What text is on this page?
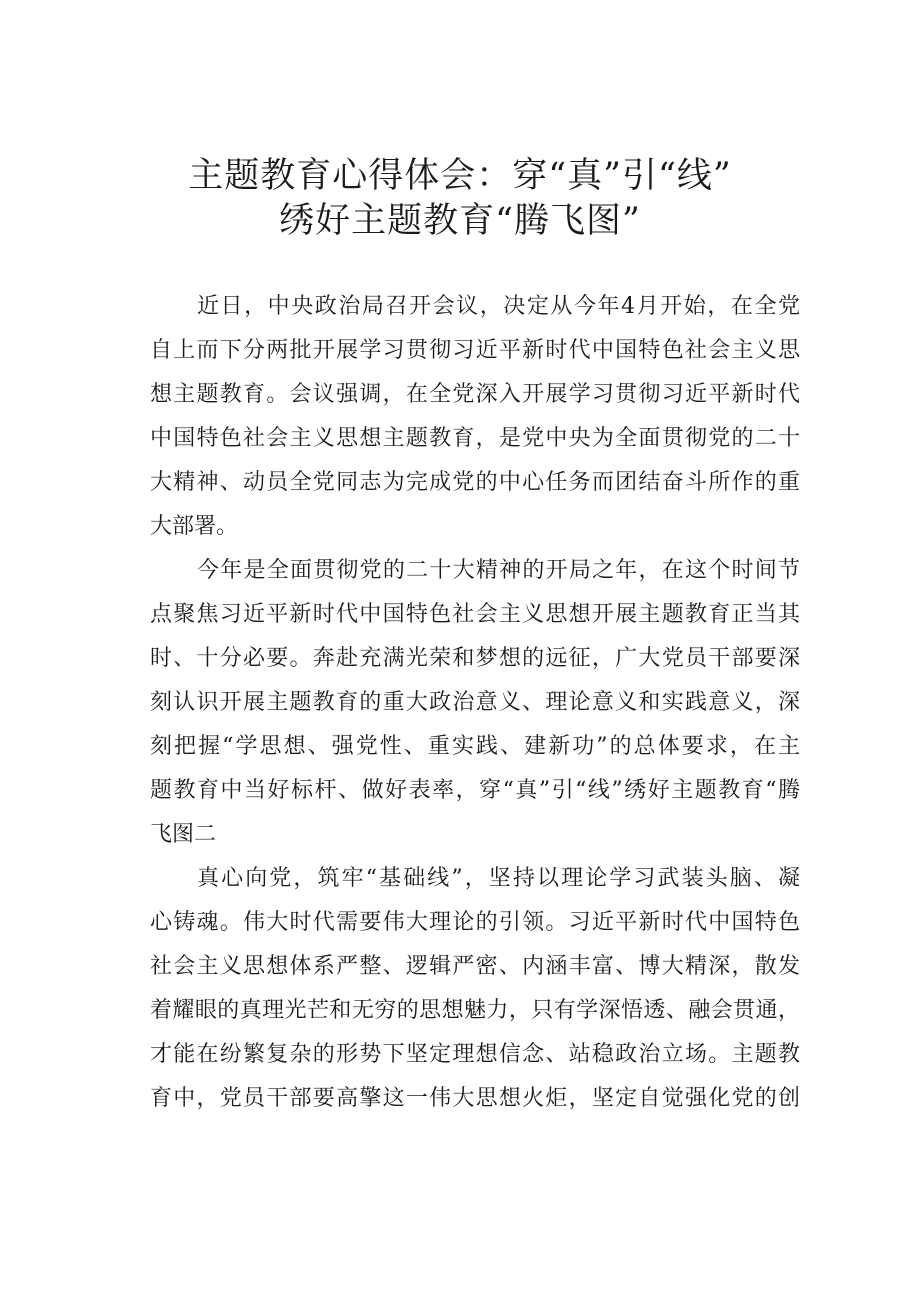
主题教育心得体会：穿“真”引“线”
绣好主题教育“腾飞图”

近日，中央政治局召开会议，决定从今年4月开始，在全党

自上而下分两批开展学习贯彻习近平新时代中国特色社会主义思

想主题教育。会议强调，在全党深入开展学习贯彻习近平新时代

中国特色社会主义思想主题教育，是党中央为全面贯彻党的二十

大精神、动员全党同志为完成党的中心任务而团结奋斗所作的重

大部署。

今年是全面贯彻党的二十大精神的开局之年，在这个时间节

点聚焦习近平新时代中国特色社会主义思想开展主题教育正当其

时、十分必要。奔赴充满光荣和梦想的远征，广大党员干部要深

刻认识开展主题教育的重大政治意义、理论意义和实践意义，深

刻把握“学思想、强党性、重实践、建新功”的总体要求，在主

题教育中当好标杆、做好表率，穿“真”引“线”绣好主题教育“腾

飞图二

真心向党，筑牢“基础线”，坚持以理论学习武装头脑、凝

心铸魂。伟大时代需要伟大理论的引领。习近平新时代中国特色

社会主义思想体系严整、逻辑严密、内涵丰富、博大精深，散发

着耀眼的真理光芒和无穷的思想魅力，只有学深悟透、融会贯通，

才能在纷繁复杂的形势下坚定理想信念、站稳政治立场。主题教

育中，党员干部要高擎这一伟大思想火炬，坚定自觉强化党的创
